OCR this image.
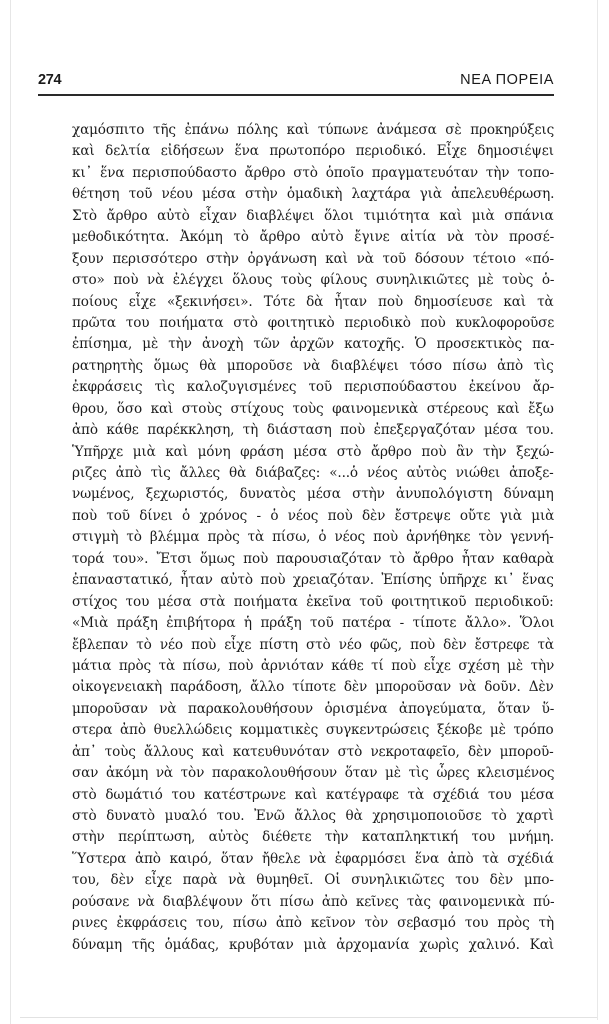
274	ΝΕΑ ΠΟΡΕΙΑ
χαμόσπιτο τῆς ἐπάνω πόλης καὶ τύπωνε ἀνάμεσα σὲ προκηρύξεις
καὶ δελτία εἰδήσεων ἕνα πρωτοπόρο περιοδικό. Εἶχε δημοσιέψει
κι᾽ ἕνα περισπούδαστο ἄρθρο στὸ ὁποῖο πραγματευόταν τὴν τοπο-
θέτηση τοῦ νέου μέσα στὴν ὁμαδικὴ λαχτάρα γιὰ ἀπελευθέρωση.
Στὸ ἄρθρο αὐτὸ εἶχαν διαβλέψει ὅλοι τιμιότητα καὶ μιὰ σπάνια
μεθοδικότητα. Ἀκόμη τὸ ἄρθρο αὐτὸ ἔγινε αἰτία νὰ τὸν προσέ-
ξουν περισσότερο στὴν ὀργάνωση καὶ νὰ τοῦ δόσουν τέτοιο «πό-
στο» ποὺ νὰ ἐλέγχει ὅλους τοὺς φίλους συνηλικιῶτες μὲ τοὺς ὁ-
ποίους εἶχε «ξεκινήσει». Τότε δὰ ἦταν ποὺ δημοσίευσε καὶ τὰ
πρῶτα του ποιήματα στὸ φοιτητικὸ περιοδικὸ ποὺ κυκλοφοροῦσε
ἐπίσημα, μὲ τὴν ἀνοχὴ τῶν ἀρχῶν κατοχῆς. Ὁ προσεκτικὸς πα-
ρατηρητὴς ὅμως θὰ μποροῦσε νὰ διαβλέψει τόσο πίσω ἀπὸ τὶς
ἐκφράσεις τὶς καλοζυγισμένες τοῦ περισπούδαστου ἐκείνου ἄρ-
θρου, ὅσο καὶ στοὺς στίχους τοὺς φαινομενικὰ στέρεους καὶ ἔξω
ἀπὸ κάθε παρέκκληση, τὴ διάσταση ποὺ ἐπεξεργαζόταν μέσα του.
Ὑπῆρχε μιὰ καὶ μόνη φράση μέσα στὸ ἄρθρο ποὺ ἂν τὴν ξεχώ-
ριζες ἀπὸ τὶς ἄλλες θὰ διάβαζες: «...ὁ νέος αὐτὸς νιώθει ἀποξε-
νωμένος, ξεχωριστός, δυνατὸς μέσα στὴν ἀνυπολόγιστη δύναμη
ποὺ τοῦ δίνει ὁ χρόνος - ὁ νέος ποὺ δὲν ἔστρεψε οὔτε γιὰ μιὰ
στιγμὴ τὸ βλέμμα πρὸς τὰ πίσω, ὁ νέος ποὺ ἀρνήθηκε τὸν γεννή-
τορά του». Ἔτσι ὅμως ποὺ παρουσιαζόταν τὸ ἄρθρο ἦταν καθαρὰ
ἐπαναστατικό, ἦταν αὐτὸ ποὺ χρειαζόταν. Ἐπίσης ὑπῆρχε κι᾽ ἕνας
στίχος του μέσα στὰ ποιήματα ἐκεῖνα τοῦ φοιτητικοῦ περιοδικοῦ:
«Μιὰ πράξη ἐπιβήτορα ἡ πράξη τοῦ πατέρα - τίποτε ἄλλο». Ὅλοι
ἔβλεπαν τὸ νέο ποὺ εἶχε πίστη στὸ νέο φῶς, ποὺ δὲν ἔστρεφε τὰ
μάτια πρὸς τὰ πίσω, ποὺ ἀρνιόταν κάθε τί ποὺ εἶχε σχέση μὲ τὴν
οἰκογενειακὴ παράδοση, ἄλλο τίποτε δὲν μποροῦσαν νὰ δοῦν. Δὲν
μποροῦσαν νὰ παρακολουθήσουν ὁρισμένα ἀπογεύματα, ὅταν ὕ-
στερα ἀπὸ θυελλώδεις κομματικὲς συγκεντρώσεις ξέκοβε μὲ τρόπο
ἀπ᾽ τοὺς ἄλλους καὶ κατευθυνόταν στὸ νεκροταφεῖο, δὲν μποροῦ-
σαν ἀκόμη νὰ τὸν παρακολουθήσουν ὅταν μὲ τὶς ὧρες κλεισμένος
στὸ δωμάτιό του κατέστρωνε καὶ κατέγραφε τὰ σχέδιά του μέσα
στὸ δυνατὸ μυαλό του. Ἐνῶ ἄλλος θὰ χρησιμοποιοῦσε τὸ χαρτὶ
στὴν περίπτωση, αὐτὸς διέθετε τὴν καταπληκτική του μνήμη.
Ὕστερα ἀπὸ καιρό, ὅταν ἤθελε νὰ ἐφαρμόσει ἕνα ἀπὸ τὰ σχέδιά
του, δὲν εἶχε παρὰ νὰ θυμηθεῖ. Οἱ συνηλικιῶτες του δὲν μπο-
ρούσανε νὰ διαβλέψουν ὅτι πίσω ἀπὸ κεῖνες τὰς φαινομενικὰ πύ-
ρινες ἐκφράσεις του, πίσω ἀπὸ κεῖνον τὸν σεβασμό του πρὸς τὴ
δύναμη τῆς ὁμάδας, κρυβόταν μιὰ ἀρχομανία χωρὶς χαλινό. Καὶ
